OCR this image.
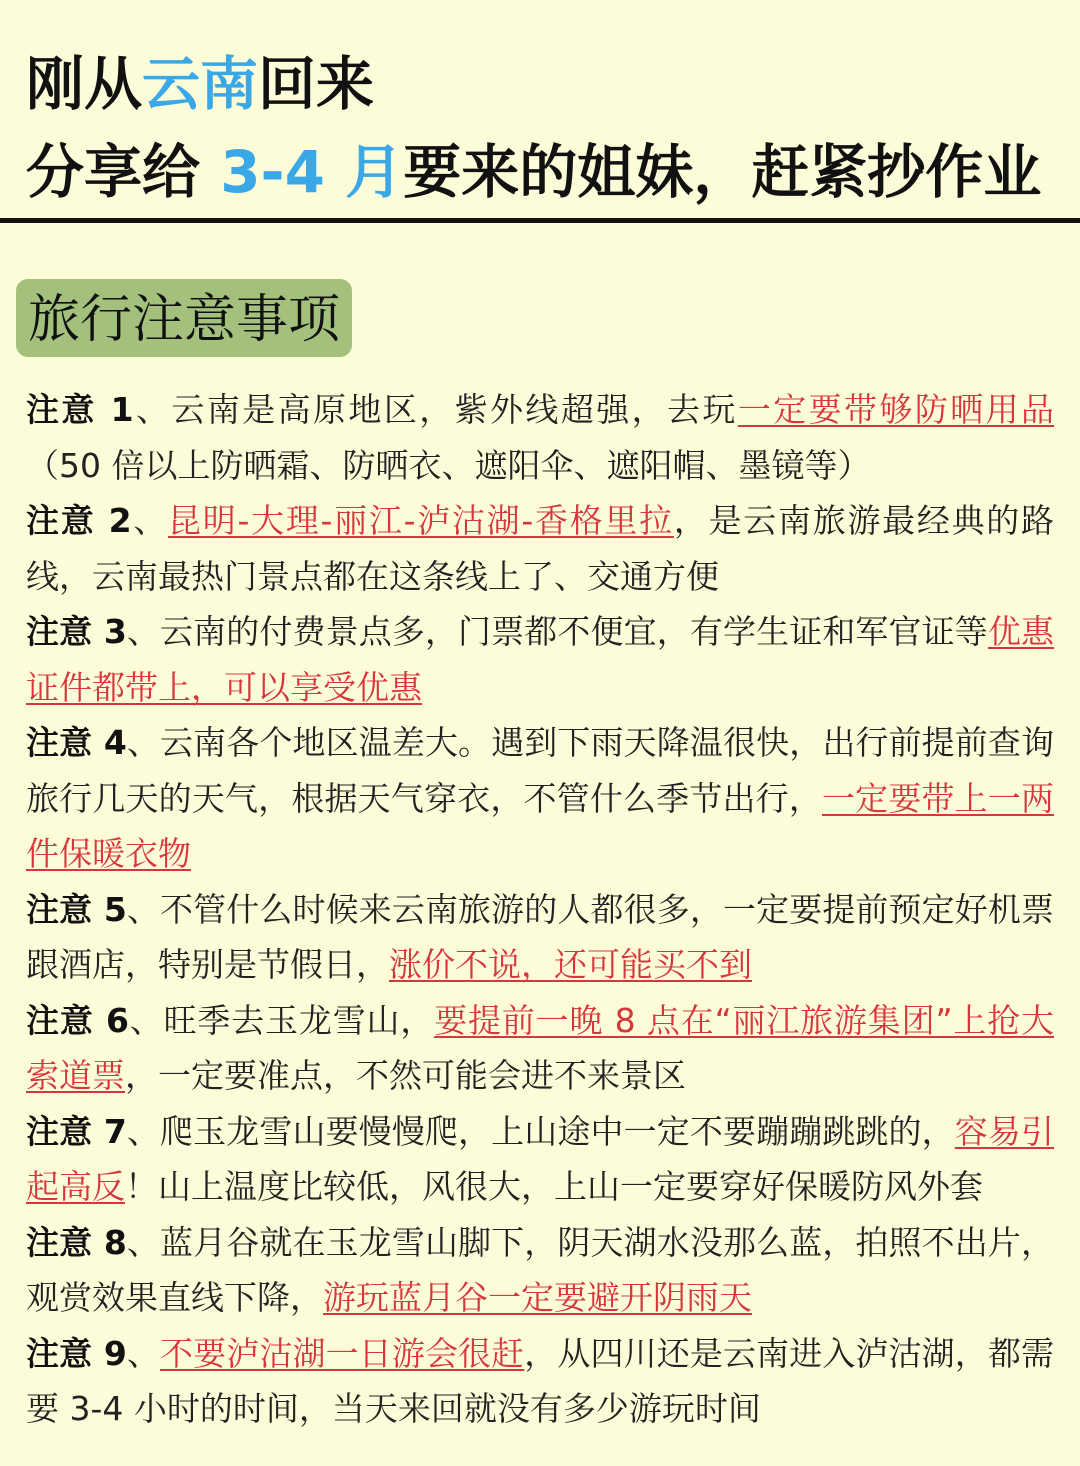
刚从云南回来
分享给 3-4 月要来的姐妹，赶紧抄作业
旅行注意事项
注意 1、云南是高原地区，紫外线超强，去玩一定要带够防晒用品（50 倍以上防晒霜、防晒衣、遮阳伞、遮阳帽、墨镜等）
注意 2、昆明-大理-丽江-泸沽湖-香格里拉，是云南旅游最经典的路线，云南最热门景点都在这条线上了、交通方便
注意 3、云南的付费景点多，门票都不便宜，有学生证和军官证等优惠证件都带上，可以享受优惠
注意 4、云南各个地区温差大。遇到下雨天降温很快，出行前提前查询旅行几天的天气，根据天气穿衣，不管什么季节出行，一定要带上一两件保暖衣物
注意 5、不管什么时候来云南旅游的人都很多，一定要提前预定好机票跟酒店，特别是节假日，涨价不说，还可能买不到
注意 6、旺季去玉龙雪山，要提前一晚 8 点在“丽江旅游集团”上抢大索道票，一定要准点，不然可能会进不来景区
注意 7、爬玉龙雪山要慢慢爬，上山途中一定不要蹦蹦跳跳的，容易引起高反！山上温度比较低，风很大，上山一定要穿好保暖防风外套
注意 8、蓝月谷就在玉龙雪山脚下，阴天湖水没那么蓝，拍照不出片，观赏效果直线下降，游玩蓝月谷一定要避开阴雨天
注意 9、不要泸沽湖一日游会很赶，从四川还是云南进入泸沽湖，都需要 3-4 小时的时间，当天来回就没有多少游玩时间
